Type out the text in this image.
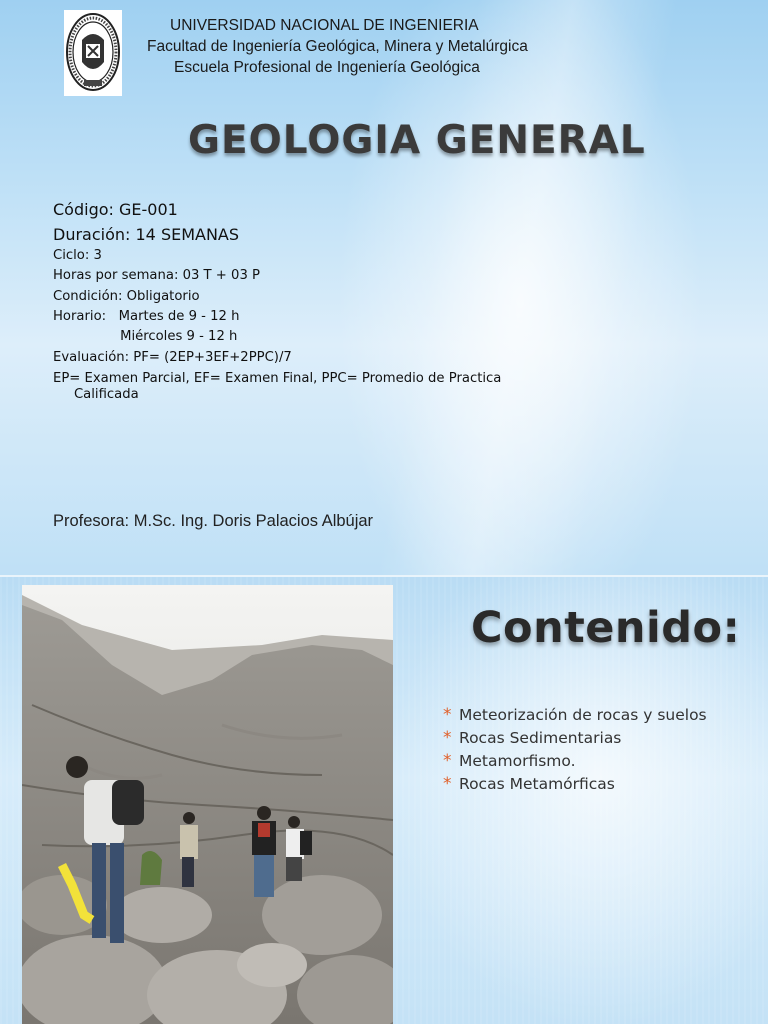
UNIVERSIDAD NACIONAL DE INGENIERIA
Facultad de Ingeniería Geológica, Minera y Metalúrgica
Escuela Profesional de Ingeniería Geológica
GEOLOGIA GENERAL
Código: GE-001
Duración: 14 SEMANAS
Ciclo: 3
Horas por semana: 03 T + 03 P
Condición: Obligatorio
Horario:   Martes de 9 - 12 h
Miércoles 9 - 12 h
Evaluación: PF= (2EP+3EF+2PPC)/7
EP= Examen Parcial, EF= Examen Final, PPC= Promedio de Practica
Calificada
Profesora: M.Sc. Ing. Doris Palacios Albújar
Contenido:
* Meteorización de rocas y suelos
* Rocas Sedimentarias
* Metamorfismo.
* Rocas Metamórficas
